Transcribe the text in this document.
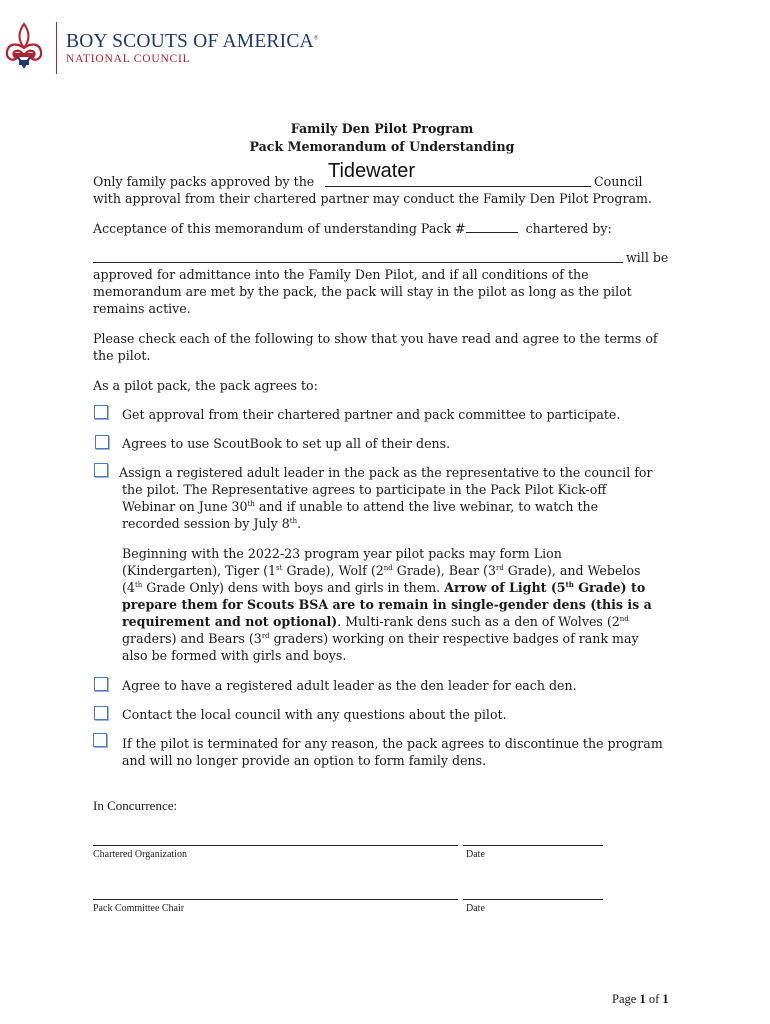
BOY SCOUTS OF AMERICA®
NATIONAL COUNCIL
Family Den Pilot Program
Pack Memorandum of Understanding
Only family packs approved by the Tidewater	Council
with approval from their chartered partner may conduct the Family Den Pilot Program.
Acceptance of this memorandum of understanding Pack #	chartered by:
will be

approved for admittance into the Family Den Pilot, and if all conditions of the

memorandum are met by the pack, the pack will stay in the pilot as long as the pilot

remains active.

Please check each of the following to show that you have read and agree to the terms of

the pilot.

As a pilot pack, the pack agrees to:
Get approval from their chartered partner and pack committee to participate.
Agrees to use ScoutBook to set up all of their dens.

Assign a registered adult leader in the pack as the representative to the council for

the pilot. The Representative agrees to participate in the Pack Pilot Kick-off

Webinar on June 30th and if unable to attend the live webinar, to watch the

recorded session by July 8th.

Beginning with the 2022-23 program year pilot packs may form Lion

(Kindergarten), Tiger (1st Grade), Wolf (2nd Grade), Bear (3rd Grade), and Webelos

(4th Grade Only) dens with boys and girls in them. Arrow of Light (5th Grade) to

prepare them for Scouts BSA are to remain in single-gender dens (this is a

requirement and not optional). Multi-rank dens such as a den of Wolves (2nd

graders) and Bears (3rd graders) working on their respective badges of rank may

also be formed with girls and boys.

Agree to have a registered adult leader as the den leader for each den.
Contact the local council with any questions about the pilot.

If the pilot is terminated for any reason, the pack agrees to discontinue the program

and will no longer provide an option to form family dens.

In Concurrence:
Chartered Organization	Date
Pack Committee Chair	Date
Page 1 of 1
